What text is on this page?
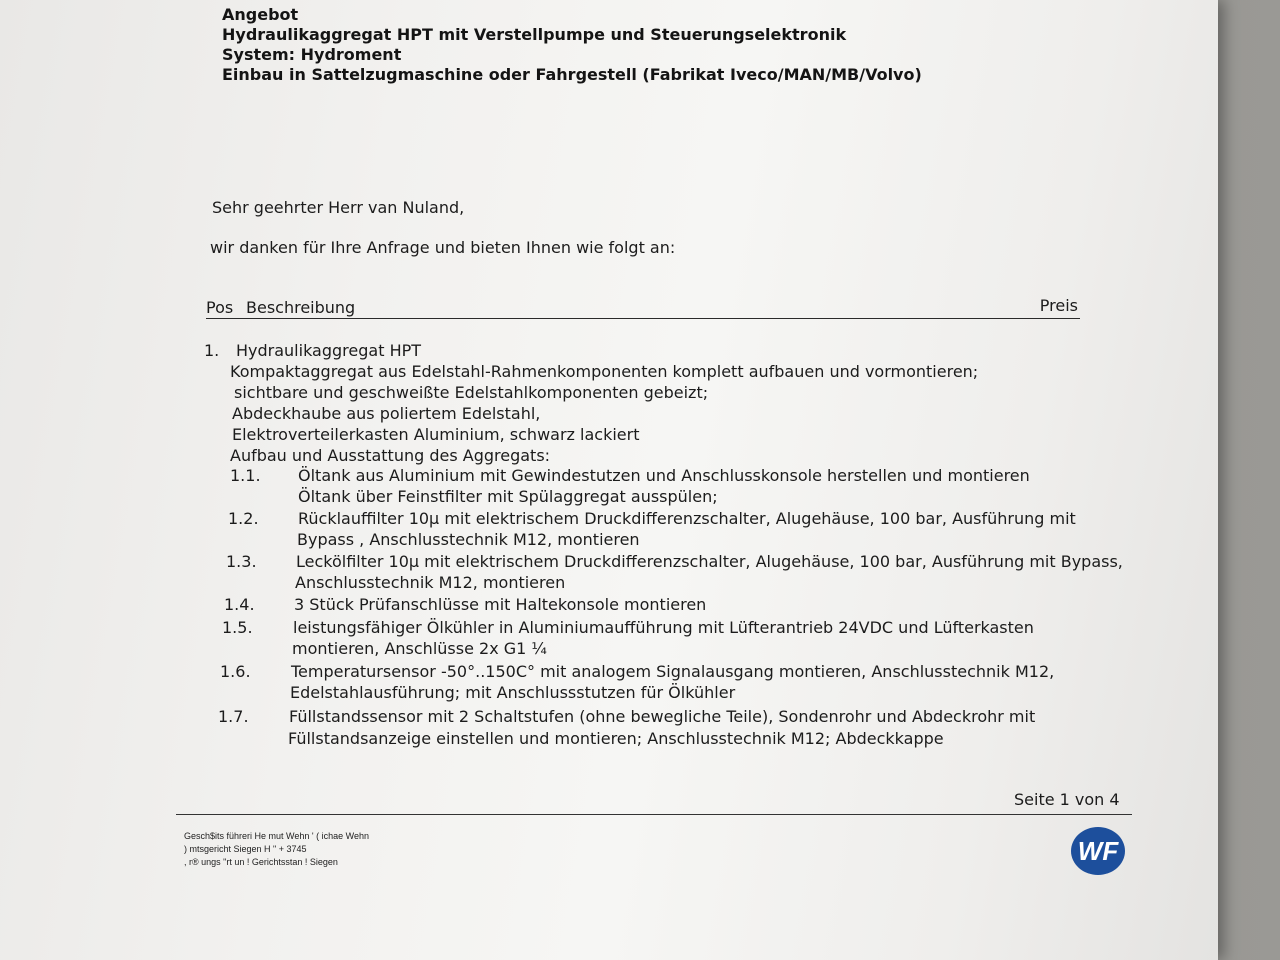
Angebot
Hydraulikaggregat HPT mit Verstellpumpe und Steuerungselektronik
System: Hydroment
Einbau in Sattelzugmaschine oder Fahrgestell (Fabrikat Iveco/MAN/MB/Volvo)
Sehr geehrter Herr van Nuland,
wir danken für Ihre Anfrage und bieten Ihnen wie folgt an:
Pos Beschreibung	Preis
1. Hydraulikaggregat HPT
Kompaktaggregat aus Edelstahl-Rahmenkomponenten komplett aufbauen und vormontieren;
sichtbare und geschweißte Edelstahlkomponenten gebeizt;
Abdeckhaube aus poliertem Edelstahl,
Elektroverteilerkasten Aluminium, schwarz lackiert
Aufbau und Ausstattung des Aggregats:
1.1. Öltank aus Aluminium mit Gewindestutzen und Anschlusskonsole herstellen und montieren
Öltank über Feinstfilter mit Spülaggregat ausspülen;
1.2. Rücklauffilter 10µ mit elektrischem Druckdifferenzschalter, Alugehäuse, 100 bar, Ausführung mit
Bypass , Anschlusstechnik M12, montieren
1.3. Leckölfilter 10µ mit elektrischem Druckdifferenzschalter, Alugehäuse, 100 bar, Ausführung mit Bypass,
Anschlusstechnik M12, montieren
1.4. 3 Stück Prüfanschlüsse mit Haltekonsole montieren
1.5.	leistungsfähiger Ölkühler in Aluminiumaufführung mit Lüfterantrieb 24VDC und Lüfterkasten
montieren, Anschlüsse 2x G1 ¼
1.6.	Temperatursensor -50°..150C° mit analogem Signalausgang montieren, Anschlusstechnik M12,
Edelstahlausführung; mit Anschlussstutzen für Ölkühler
1.7.	Füllstandssensor mit 2 Schaltstufen (ohne bewegliche Teile), Sondenrohr und Abdeckrohr mit
Füllstandsanzeige einstellen und montieren; Anschlusstechnik M12; Abdeckkappe
Seite 1 von 4
Gesch$its führeri He mut Wehn ' ( ichae Wehn
) mtsgericht Siegen H " + 3745
, r® ungs "rt un ! Gerichtsstan ! Siegen	WF
